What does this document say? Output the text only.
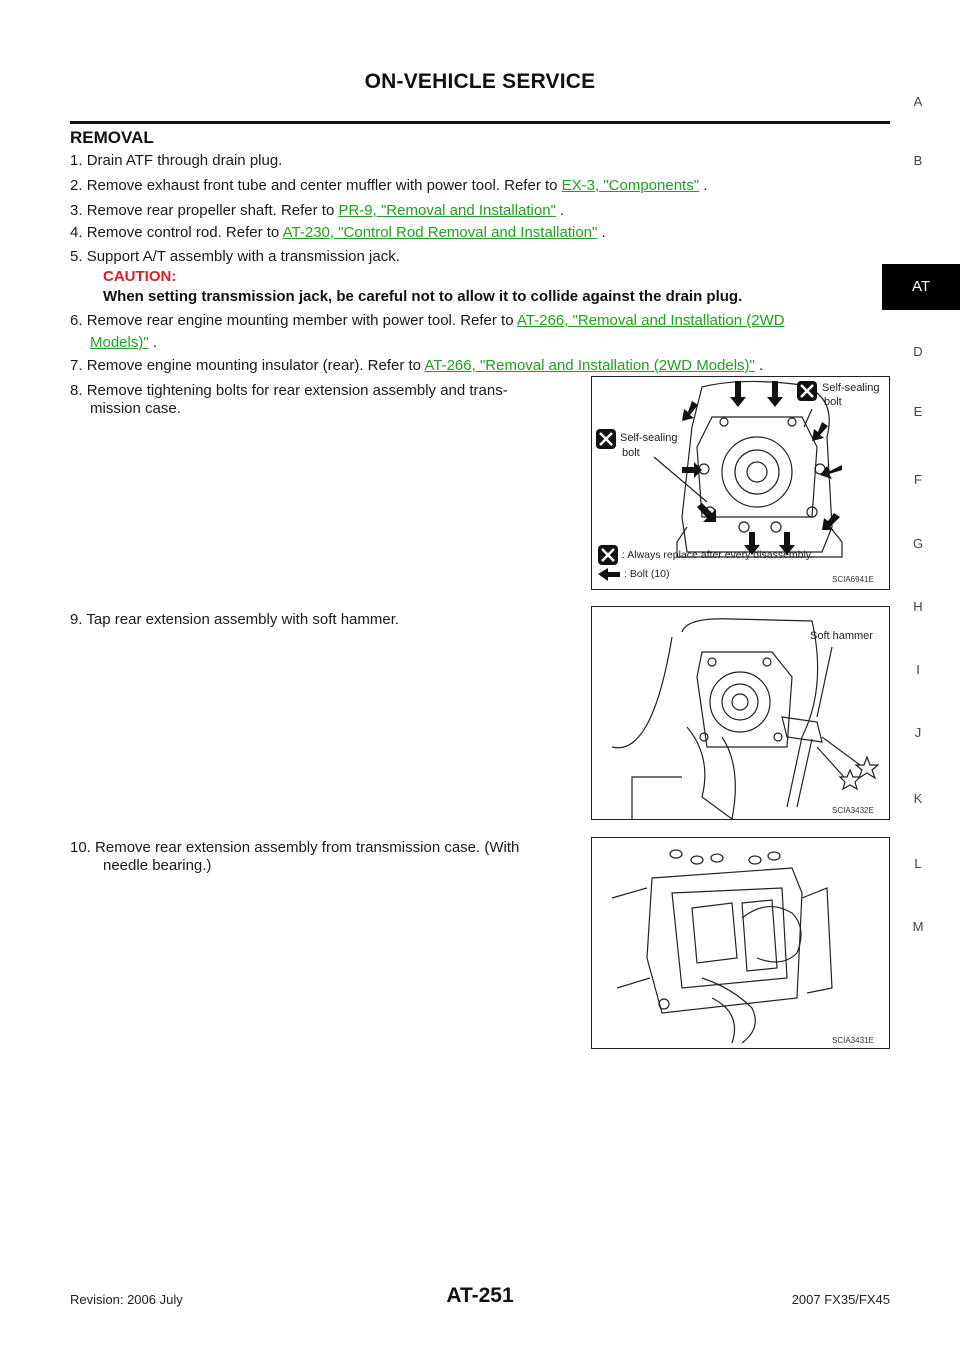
ON-VEHICLE SERVICE
REMOVAL
1. Drain ATF through drain plug.
2. Remove exhaust front tube and center muffler with power tool. Refer to EX-3, "Components" .
3. Remove rear propeller shaft. Refer to PR-9, "Removal and Installation" .
4. Remove control rod. Refer to AT-230, "Control Rod Removal and Installation" .
5. Support A/T assembly with a transmission jack.
CAUTION:
When setting transmission jack, be careful not to allow it to collide against the drain plug.
6. Remove rear engine mounting member with power tool. Refer to AT-266, "Removal and Installation (2WD
Models)" .
7. Remove engine mounting insulator (rear). Refer to AT-266, "Removal and Installation (2WD Models)" .
8. Remove tightening bolts for rear extension assembly and trans-
mission case.
9. Tap rear extension assembly with soft hammer.
10. Remove rear extension assembly from transmission case. (With
needle bearing.)
Self-sealing
bolt
Self-sealing
bolt
: Always replace after every disassembly.
: Bolt (10)	SCIA6941E
Soft hammer
SCIA3432E
SCIA3431E
A
B
D
E
F
G
H
I
J
K
L
M
AT
Revision: 2006 July	AT-251	2007 FX35/FX45
